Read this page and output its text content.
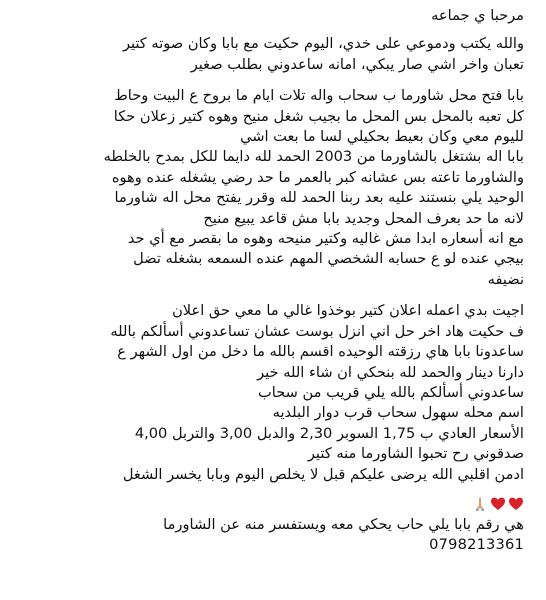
مرحبا ي جماعه
والله يكتب ودموعي على خدي، اليوم حكيت مع بابا وكان صوته كتير
تعبان واخر اشي صار يبكي، امانه ساعدوني بطلب صغير
بابا فتح محل شاورما ب سحاب واله تلات ايام ما بروح ع البيت وحاط
كل تعبه بالمحل بس المحل ما بجيب شغل منيح وهوه كتير زعلان حكا
لليوم معي وكان بعيط بحكيلي لسا ما بعت اشي
بابا اله بشتغل بالشاورما من 2003 الحمد لله دايما للكل بمدح بالخلطه
والشاورما تاعته بس عشانه كبر بالعمر ما حد رضي يشغله عنده وهوه
الوحيد يلي بنستند عليه بعد ربنا الحمد لله وقرر يفتح محل اله شاورما
لانه ما حد بعرف المحل وجديد بابا مش قاعد يبيع منيح
مع انه أسعاره ابدا مش غاليه وكتير منيحه وهوه ما بقصر مع أي حد
بيجي عنده لو ع حسابه الشخصي المهم عنده السمعه بشغله تضل
نضيفه
اجيت بدي اعمله اعلان كتير بوخذوا غالي ما معي حق اعلان
ف حكيت هاد اخر حل اني انزل بوست عشان تساعدوني أسألكم بالله
ساعدونا بابا هاي رزقته الوحيده اقسم بالله ما دخل من اول الشهر ع
دارنا دينار والحمد لله بنحكي ان شاء الله خير
ساعدوني أسألكم بالله يلي قريب من سحاب
اسم محله سهول سحاب قرب دوار البلديه
الأسعار العادي ب 1,75 السوبر 2,30 والدبل 3,00 والتربل 4,00
صدقوني رح تحبوا الشاورما منه كتير
ادمن اقلبي الله يرضى عليكم قبل لا يخلص اليوم وبابا يخسر الشغل
هي رقم بابا يلي حاب يحكي معه ويستفسر منه عن الشاورما
0798213361
